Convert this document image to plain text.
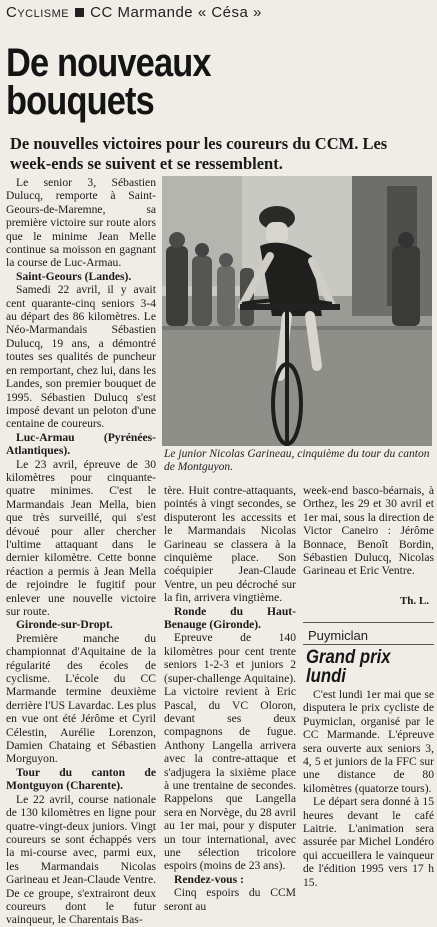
Cyclisme CC Marmande « Césa »
De nouveaux
bouquets
De nouvelles victoires pour les coureurs du CCM. Les week-ends se suivent et se ressemblent.

Le senior 3, Sébastien Dulucq, remporte à Saint-Geours-de-Maremne, sa première victoire sur route alors que le minime Jean Melle continue sa moisson en gagnant la course de Luc-Armau.

Saint-Geours (Landes).

Samedi 22 avril, il y avait cent quarante-cinq seniors 3-4 au départ des 86 kilomètres. Le Néo-Marmandais Sébastien Dulucq, 19 ans, a démontré toutes ses qualités de puncheur en remportant, chez lui, dans les Landes, son premier bouquet de 1995. Sébastien Dulucq s'est imposé devant un peloton d'une centaine de coureurs.

Luc-Armau (Pyrénées-Atlantiques).

Le 23 avril, épreuve de 30 kilomètres pour cinquante-quatre minimes. C'est le Marmandais Jean Mella, bien que très surveillé, qui s'est dévoué pour aller chercher l'ultime attaquant dans le dernier kilomètre. Cette bonne réaction a permis à Jean Mella de rejoindre le fugitif pour enlever une nouvelle victoire sur route.

Gironde-sur-Dropt.

Première manche du championnat d'Aquitaine de la régularité des écoles de cyclisme. L'école du CC Marmande termine deuxième derrière l'US Lavardac. Les plus en vue ont été Jérôme et Cyril Célestin, Aurélie Lorenzon, Damien Chataing et Sébastien Morguyon.

Tour du canton de Montguyon (Charente).

Le 22 avril, course nationale de 130 kilomètres en ligne pour quatre-vingt-deux juniors. Vingt coureurs se sont échappés vers la mi-course avec, parmi eux, les Marmandais Nicolas Garineau et Jean-Claude Ventre. De ce groupe, s'extrairont deux coureurs dont le futur vainqueur, le Charentais Bas-

Le junior Nicolas Garineau, cinquième du tour du canton de Montguyon.

tère. Huit contre-attaquants, pointés à vingt secondes, se disputeront les accessits et le Marmandais Nicolas Garineau se classera à la cinquième place. Son coéquipier Jean-Claude Ventre, un peu décroché sur la fin, arrivera vingtième.

Ronde du Haut-Benauge (Gironde).

Epreuve de 140 kilomètres pour cent trente seniors 1-2-3 et juniors 2 (super-challenge Aquitaine). La victoire revient à Eric Pascal, du VC Oloron, devant ses deux compagnons de fugue. Anthony Langella arrivera avec la contre-attaque et s'adjugera la sixième place à une trentaine de secondes. Rappelons que Langella sera en Norvège, du 28 avril au 1er mai, pour y disputer un tour international, avec une sélection tricolore espoirs (moins de 23 ans).

Rendez-vous :

Cinq espoirs du CCM seront au

week-end basco-béarnais, à Orthez, les 29 et 30 avril et 1er mai, sous la direction de Victor Caneiro : Jérôme Bonnace, Benoît Bordin, Sébastien Dulucq, Nicolas Garineau et Eric Ventre.

Th. L.
Puymiclan
Grand prix
lundi

C'est lundi 1er mai que se disputera le prix cycliste de Puymiclan, organisé par le CC Marmande. L'épreuve sera ouverte aux seniors 3, 4, 5 et juniors de la FFC sur une distance de 80 kilomètres (quatorze tours).

Le départ sera donné à 15 heures devant le café Laitrie. L'animation sera assurée par Michel Londéro qui accueillera le vainqueur de l'édition 1995 vers 17 h 15.
